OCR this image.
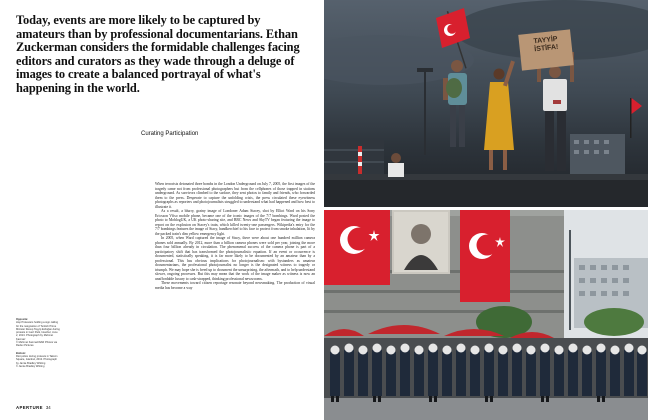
Today, events are more likely to be captured by amateurs than by professional documentarians. Ethan Zuckerman considers the formidable challenges facing editors and curators as they wade through a deluge of images to create a balanced portrayal of what's happening in the world.
Curating Participation

When terrorists detonated three bombs in the London Underground on July 7, 2005, the first images of the tragedy came not from professional photographers but from the cellphones of those trapped in stations underground. As survivors climbed to the surface, they sent photos to family and friends, who forwarded them to the press. Desperate to capture the unfolding crisis, the press circulated these eyewitness photographs as reporters and photojournalists struggled to understand what had happened and how best to illustrate it.

As a result, a blurry, grainy image of Londoner Adam Stacey, shot by Elliot Ward on his Sony Ericsson Vfiso mobile phone, became one of the iconic images of the 7/7 bombings. Ward posted the photo to MoblogUK, a UK photo-sharing site, and BBC News and SkyTV began featuring the image to report on the explosion on Stacey's train, which killed twenty-one passengers. Wikipedia's entry for the 7/7 bombings features the image of Stacy, handkerchief to his face to protect from smoke inhalation, lit by the packed train's dim yellow emergency light.

In 2005, when Ward captured the image of Stacy, there were about one hundred million camera phones sold annually. By 2012, more than a billion camera phones were sold per year, joining the more than four billion already in circulation. The phenomenal success of the camera phone is part of a participatory shift that has transformed the photojournalistic equation. If an event or occurrence is documented, statistically speaking, it is far more likely to be documented by an amateur than by a professional. This has obvious implications for photojournalism: with bystanders as amateur documentarians, the professional photojournalist no longer is the designated witness to tragedy or triumph. We may hope she is freed up to document the unsurprising, the aftermath, and to help understand slower, ongoing processes. But this may mean that the work of the image maker as witness is now an unaffordable luxury to cash-strapped, thinking professional newsrooms.

These movements toward citizen reportage resonate beyond newsmaking. The production of visual media has become a way

Opposite:
Hop Protesters holding a sign calling for the resignation of Turkish Prime Minister Recep Tayyip Erdoğan during protests in Gezi Park, Istanbul, June 2, 2013. Photograph by Mehmet Kacmaz
© Mehmet Kacmaz/NAR Photos via Redux Pictures
Bottom:
Riot police during protests in Taksim Square, Istanbul, 2013. Photograph by Jamie Bradley Whiting
© Jamie Bradley Whiting
APERTURE 34
TAYYİP İSTİFA!
